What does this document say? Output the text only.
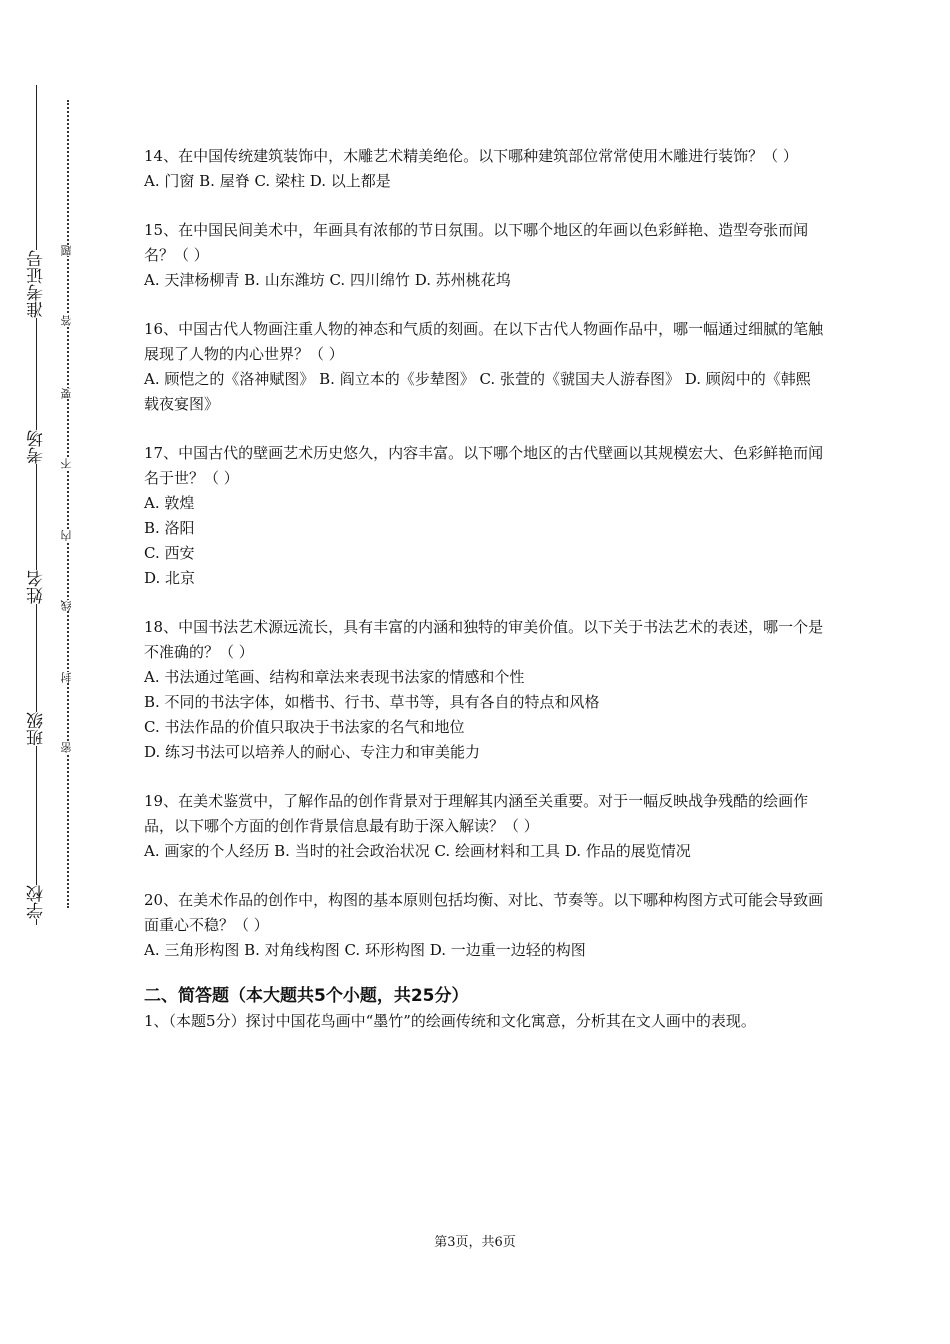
准考证号
考场
姓名
班级
学校
题
答
要
不
内
线
封
密

14、在中国传统建筑装饰中，木雕艺术精美绝伦。以下哪种建筑部位常常使用木雕进行装饰？（ ）

A. 门窗 B. 屋脊 C. 梁柱 D. 以上都是

15、在中国民间美术中，年画具有浓郁的节日氛围。以下哪个地区的年画以色彩鲜艳、造型夸张而闻名？（ ）

A. 天津杨柳青 B. 山东潍坊 C. 四川绵竹 D. 苏州桃花坞

16、中国古代人物画注重人物的神态和气质的刻画。在以下古代人物画作品中，哪一幅通过细腻的笔触展现了人物的内心世界？（ ）

A. 顾恺之的《洛神赋图》 B. 阎立本的《步辇图》 C. 张萱的《虢国夫人游春图》 D. 顾闳中的《韩熙载夜宴图》

17、中国古代的壁画艺术历史悠久，内容丰富。以下哪个地区的古代壁画以其规模宏大、色彩鲜艳而闻名于世？（ ）

A. 敦煌

B. 洛阳

C. 西安

D. 北京

18、中国书法艺术源远流长，具有丰富的内涵和独特的审美价值。以下关于书法艺术的表述，哪一个是不准确的？（ ）

A. 书法通过笔画、结构和章法来表现书法家的情感和个性

B. 不同的书法字体，如楷书、行书、草书等，具有各自的特点和风格

C. 书法作品的价值只取决于书法家的名气和地位

D. 练习书法可以培养人的耐心、专注力和审美能力

19、在美术鉴赏中，了解作品的创作背景对于理解其内涵至关重要。对于一幅反映战争残酷的绘画作品，以下哪个方面的创作背景信息最有助于深入解读？（ ）

A. 画家的个人经历 B. 当时的社会政治状况 C. 绘画材料和工具 D. 作品的展览情况

20、在美术作品的创作中，构图的基本原则包括均衡、对比、节奏等。以下哪种构图方式可能会导致画面重心不稳？（ ）

A. 三角形构图 B. 对角线构图 C. 环形构图 D. 一边重一边轻的构图

二、简答题（本大题共5个小题，共25分）

1、（本题5分）探讨中国花鸟画中“墨竹”的绘画传统和文化寓意，分析其在文人画中的表现。

第3页，共6页
